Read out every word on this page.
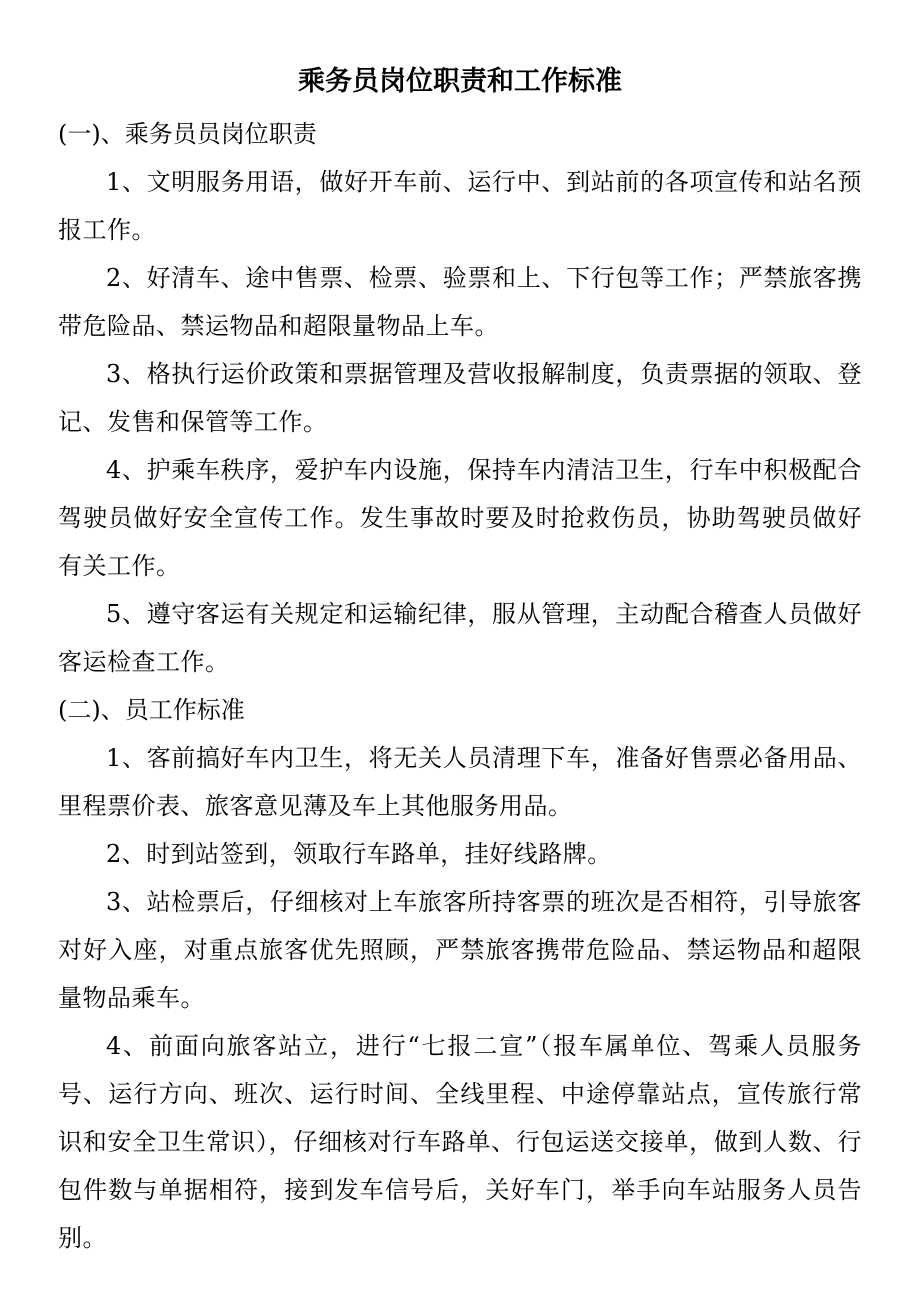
乘务员岗位职责和工作标准
(一)、乘务员员岗位职责

1、文明服务用语，做好开车前、运行中、到站前的各项宣传和站名预报工作。

2、好清车、途中售票、检票、验票和上、下行包等工作；严禁旅客携带危险品、禁运物品和超限量物品上车。

3、格执行运价政策和票据管理及营收报解制度，负责票据的领取、登记、发售和保管等工作。

4、护乘车秩序，爱护车内设施，保持车内清洁卫生，行车中积极配合驾驶员做好安全宣传工作。发生事故时要及时抢救伤员，协助驾驶员做好有关工作。

5、遵守客运有关规定和运输纪律，服从管理，主动配合稽查人员做好客运检查工作。

(二)、员工作标准

1、客前搞好车内卫生，将无关人员清理下车，准备好售票必备用品、里程票价表、旅客意见薄及车上其他服务用品。

2、时到站签到，领取行车路单，挂好线路牌。

3、站检票后，仔细核对上车旅客所持客票的班次是否相符，引导旅客对好入座，对重点旅客优先照顾，严禁旅客携带危险品、禁运物品和超限量物品乘车。

4、前面向旅客站立，进行“七报二宣”（报车属单位、驾乘人员服务号、运行方向、班次、运行时间、全线里程、中途停靠站点，宣传旅行常识和安全卫生常识），仔细核对行车路单、行包运送交接单，做到人数、行包件数与单据相符，接到发车信号后，关好车门，举手向车站服务人员告别。
